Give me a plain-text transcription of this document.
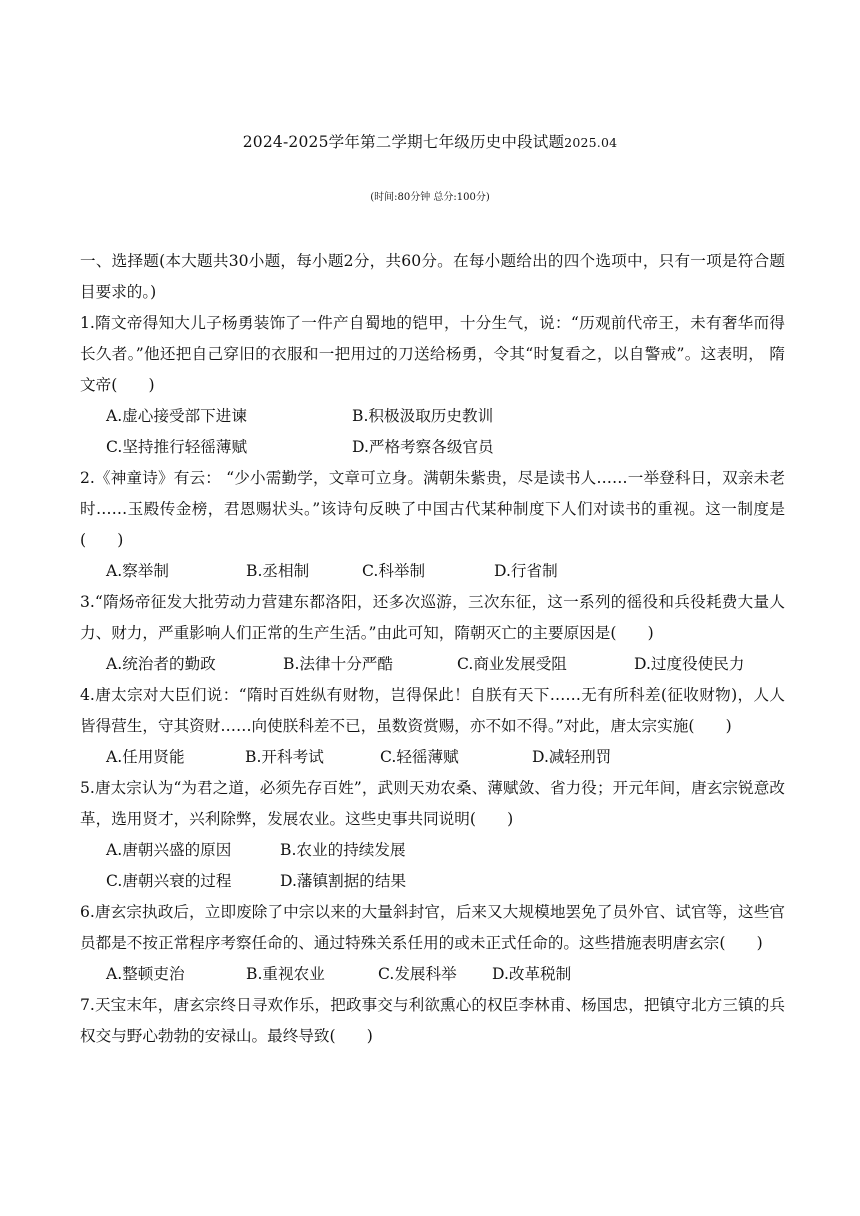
2024-2025学年第二学期七年级历史中段试题2025.04
(时间:80分钟 总分:100分)

一、选择题(本大题共30小题，每小题2分，共60分。在每小题给出的四个选项中，只有一项是符合题目要求的。)

1.隋文帝得知大儿子杨勇装饰了一件产自蜀地的铠甲，十分生气，说：“历观前代帝王，未有奢华而得长久者。”他还把自己穿旧的衣服和一把用过的刀送给杨勇，令其“时复看之，以自警戒”。这表明， 隋文帝(　　)

A.虚心接受部下进谏	B.积极汲取历史教训
C.坚持推行轻徭薄赋	D.严格考察各级官员

2.《神童诗》有云： “少小需勤学，文章可立身。满朝朱紫贵，尽是读书人……一举登科日，双亲未老时……玉殿传金榜，君恩赐状头。”该诗句反映了中国古代某种制度下人们对读书的重视。这一制度是(　　)

A.察举制	B.丞相制	C.科举制	D.行省制

3.“隋炀帝征发大批劳动力营建东都洛阳，还多次巡游，三次东征，这一系列的徭役和兵役耗费大量人力、财力，严重影响人们正常的生产生活。”由此可知，隋朝灭亡的主要原因是(　　)

A.统治者的勤政	B.法律十分严酷	C.商业发展受阻	D.过度役使民力

4.唐太宗对大臣们说：“隋时百姓纵有财物，岂得保此！自朕有天下……无有所科差(征收财物)，人人皆得营生，守其资财……向使朕科差不已，虽数资赏赐，亦不如不得。”对此，唐太宗实施(　　)

A.任用贤能	B.开科考试	C.轻徭薄赋	D.减轻刑罚

5.唐太宗认为“为君之道，必须先存百姓”，武则天劝农桑、薄赋敛、省力役；开元年间，唐玄宗锐意改革，选用贤才，兴利除弊，发展农业。这些史事共同说明(　　)

A.唐朝兴盛的原因	B.农业的持续发展
C.唐朝兴衰的过程	D.藩镇割据的结果

6.唐玄宗执政后，立即废除了中宗以来的大量斜封官，后来又大规模地罢免了员外官、试官等，这些官员都是不按正常程序考察任命的、通过特殊关系任用的或未正式任命的。这些措施表明唐玄宗(　　)

A.整顿吏治	B.重视农业	C.发展科举	D.改革税制

7.天宝末年，唐玄宗终日寻欢作乐，把政事交与利欲熏心的权臣李林甫、杨国忠，把镇守北方三镇的兵权交与野心勃勃的安禄山。最终导致(　　)
